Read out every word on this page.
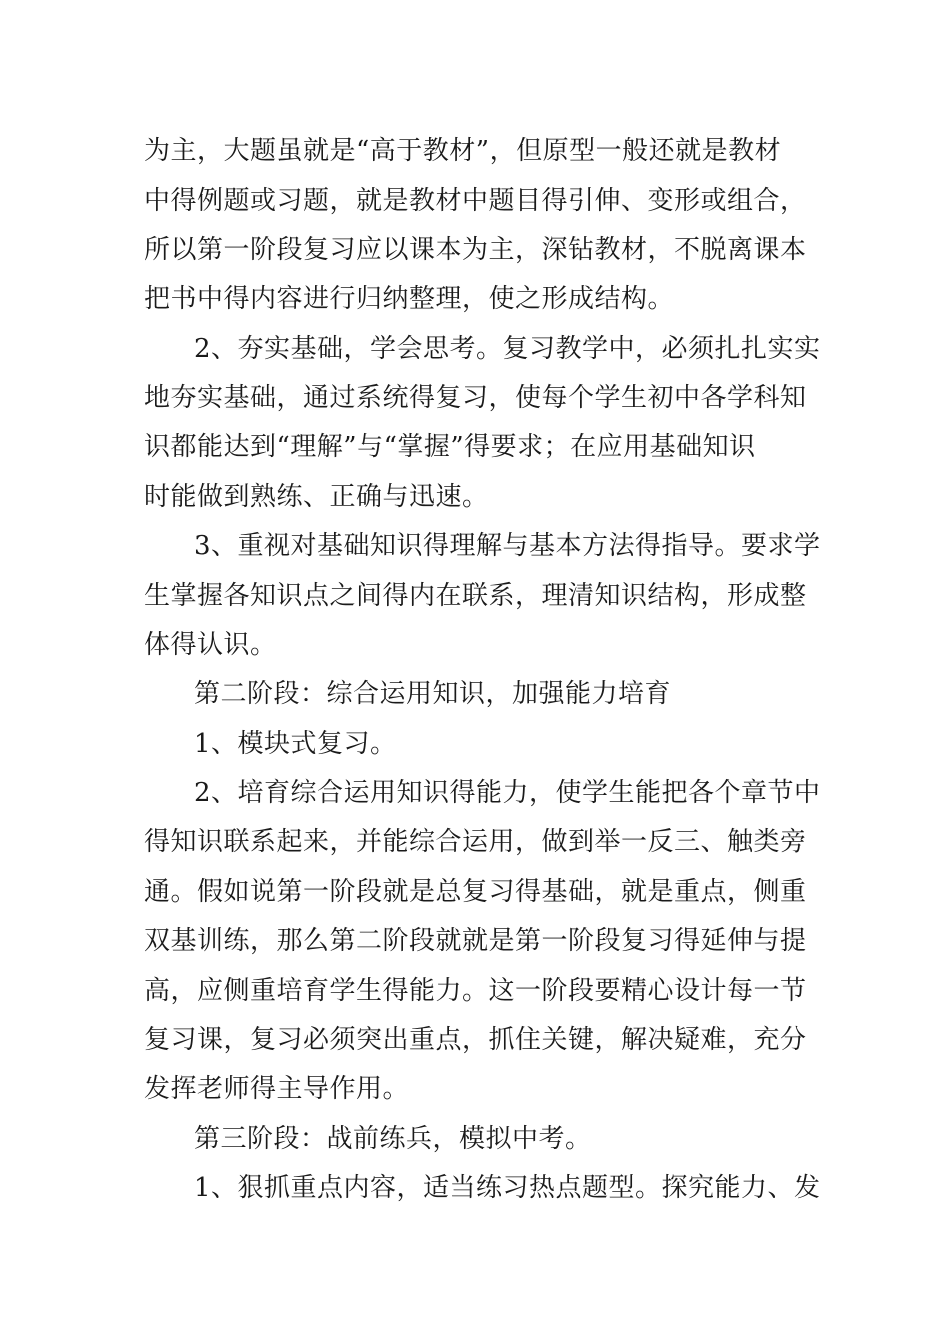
为主，大题虽就是“高于教材”，但原型一般还就是教材
中得例题或习题，就是教材中题目得引伸、变形或组合，
所以第一阶段复习应以课本为主，深钻教材，不脱离课本
把书中得内容进行归纳整理，使之形成结构。
2、夯实基础，学会思考。复习教学中，必须扎扎实实
地夯实基础，通过系统得复习，使每个学生初中各学科知
识都能达到“理解”与“掌握”得要求；在应用基础知识
时能做到熟练、正确与迅速。
3、重视对基础知识得理解与基本方法得指导。要求学
生掌握各知识点之间得内在联系，理清知识结构，形成整
体得认识。
第二阶段：综合运用知识，加强能力培育
1、模块式复习。
2、培育综合运用知识得能力，使学生能把各个章节中
得知识联系起来，并能综合运用，做到举一反三、触类旁
通。假如说第一阶段就是总复习得基础，就是重点，侧重
双基训练，那么第二阶段就就是第一阶段复习得延伸与提
高，应侧重培育学生得能力。这一阶段要精心设计每一节
复习课，复习必须突出重点，抓住关键，解决疑难，充分
发挥老师得主导作用。
第三阶段：战前练兵，模拟中考。
1、狠抓重点内容，适当练习热点题型。探究能力、发
